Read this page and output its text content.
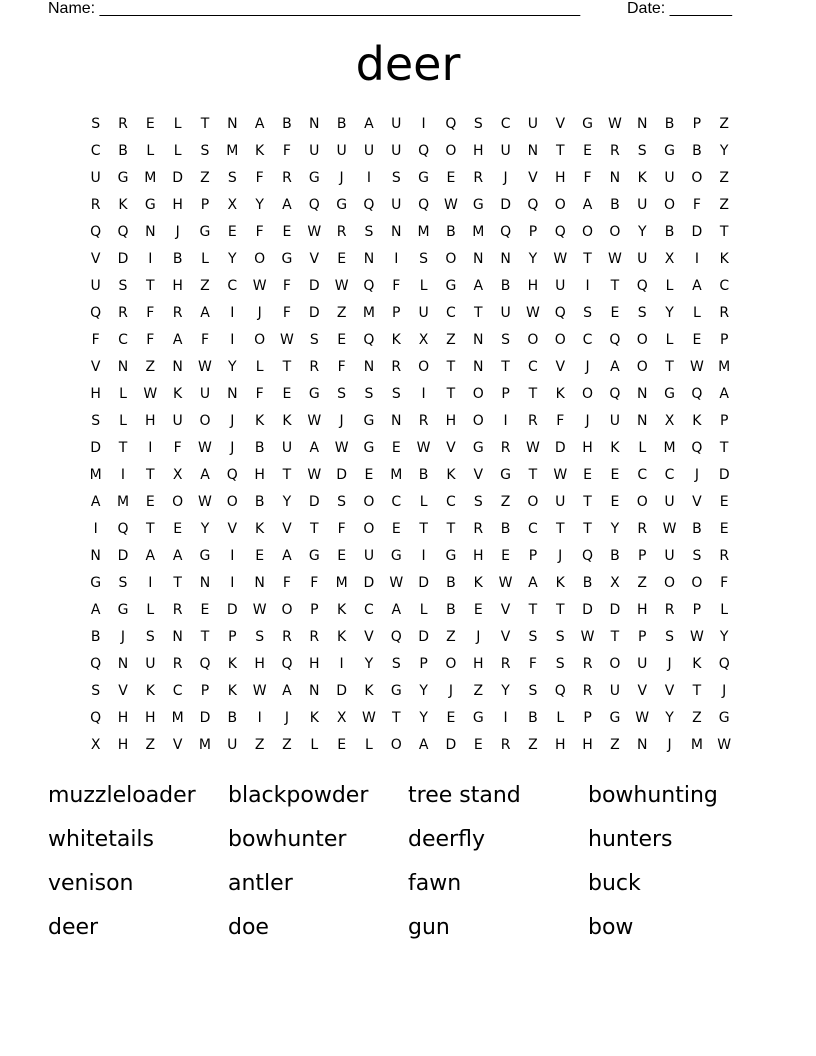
Name: ______________________________________________________	Date: _______
deer
S	R	E	L	T	N	A	B	N	B	A	U	I	Q	S	C	U	V	G	W	N	B	P	Z
C	B	L	L	S	M	K	F	U	U	U	U	Q	O	H	U	N	T	E	R	S	G	B	Y
U	G	M	D	Z	S	F	R	G	J	I	S	G	E	R	J	V	H	F	N	K	U	O	Z
R	K	G	H	P	X	Y	A	Q	G	Q	U	Q	W	G	D	Q	O	A	B	U	O	F	Z
Q	Q	N	J	G	E	F	E	W	R	S	N	M	B	M	Q	P	Q	O	O	Y	B	D	T
V	D	I	B	L	Y	O	G	V	E	N	I	S	O	N	N	Y	W	T	W	U	X	I	K
U	S	T	H	Z	C	W	F	D	W	Q	F	L	G	A	B	H	U	I	T	Q	L	A	C
Q	R	F	R	A	I	J	F	D	Z	M	P	U	C	T	U	W	Q	S	E	S	Y	L	R
F	C	F	A	F	I	O	W	S	E	Q	K	X	Z	N	S	O	O	C	Q	O	L	E	P
V	N	Z	N	W	Y	L	T	R	F	N	R	O	T	N	T	C	V	J	A	O	T	W	M
H	L	W	K	U	N	F	E	G	S	S	S	I	T	O	P	T	K	O	Q	N	G	Q	A
S	L	H	U	O	J	K	K	W	J	G	N	R	H	O	I	R	F	J	U	N	X	K	P
D	T	I	F	W	J	B	U	A	W	G	E	W	V	G	R	W	D	H	K	L	M	Q	T
M	I	T	X	A	Q	H	T	W	D	E	M	B	K	V	G	T	W	E	E	C	C	J	D
A	M	E	O	W	O	B	Y	D	S	O	C	L	C	S	Z	O	U	T	E	O	U	V	E
I	Q	T	E	Y	V	K	V	T	F	O	E	T	T	R	B	C	T	T	Y	R	W	B	E
N	D	A	A	G	I	E	A	G	E	U	G	I	G	H	E	P	J	Q	B	P	U	S	R
G	S	I	T	N	I	N	F	F	M	D	W	D	B	K	W	A	K	B	X	Z	O	O	F
A	G	L	R	E	D	W	O	P	K	C	A	L	B	E	V	T	T	D	D	H	R	P	L
B	J	S	N	T	P	S	R	R	K	V	Q	D	Z	J	V	S	S	W	T	P	S	W	Y
Q	N	U	R	Q	K	H	Q	H	I	Y	S	P	O	H	R	F	S	R	O	U	J	K	Q
S	V	K	C	P	K	W	A	N	D	K	G	Y	J	Z	Y	S	Q	R	U	V	V	T	J
Q	H	H	M	D	B	I	J	K	X	W	T	Y	E	G	I	B	L	P	G	W	Y	Z	G
X	H	Z	V	M	U	Z	Z	L	E	L	O	A	D	E	R	Z	H	H	Z	N	J	M	W
muzzleloader	blackpowder	tree stand	bowhunting
whitetails	bowhunter	deerfly	hunters
venison	antler	fawn	buck
deer	doe	gun	bow
